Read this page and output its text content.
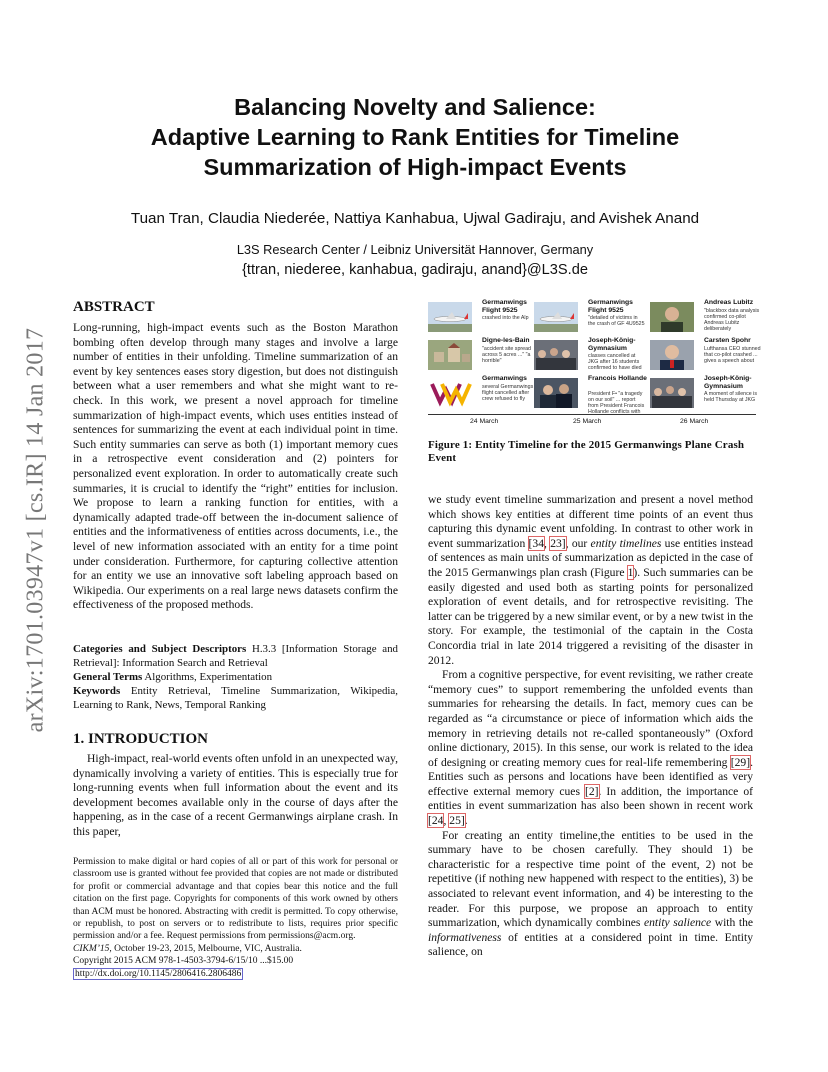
arXiv:1701.03947v1 [cs.IR] 14 Jan 2017
Balancing Novelty and Salience:
Adaptive Learning to Rank Entities for Timeline
Summarization of High-impact Events
Tuan Tran, Claudia Niederée, Nattiya Kanhabua, Ujwal Gadiraju, and Avishek Anand
L3S Research Center / Leibniz Universität Hannover, Germany
{ttran, niederee, kanhabua, gadiraju, anand}@L3S.de
ABSTRACT
Long-running, high-impact events such as the Boston Marathon bombing often develop through many stages and involve a large number of entities in their unfolding. Timeline summarization of an event by key sentences eases story digestion, but does not distinguish between what a user remembers and what she might want to re-check. In this work, we present a novel approach for timeline summarization of high-impact events, which uses entities instead of sentences for summarizing the event at each individual point in time. Such entity summaries can serve as both (1) important memory cues in a retrospective event consideration and (2) pointers for personalized event exploration. In order to automatically create such summaries, it is crucial to identify the “right” entities for inclusion. We propose to learn a ranking function for entities, with a dynamically adapted trade-off between the in-document salience of entities and the informativeness of entities across documents, i.e., the level of new information associated with an entity for a time point under consideration. Furthermore, for capturing collective attention for an entity we use an innovative soft labeling approach based on Wikipedia. Our experiments on a real large news datasets confirm the effectiveness of the proposed methods.

Categories and Subject Descriptors H.3.3 [Information Storage and Retrieval]: Information Search and Retrieval

General Terms Algorithms, Experimentation

Keywords Entity Retrieval, Timeline Summarization, Wikipedia, Learning to Rank, News, Temporal Ranking

1. INTRODUCTION
High-impact, real-world events often unfold in an unexpected way, dynamically involving a variety of entities. This is especially true for long-running events when full information about the event and its development becomes available only in the course of days after the happening, as in the case of a recent Germanwings airplane crash. In this paper,

Permission to make digital or hard copies of all or part of this work for personal or classroom use is granted without fee provided that copies are not made or distributed for profit or commercial advantage and that copies bear this notice and the full citation on the first page. Copyrights for components of this work owned by others than ACM must be honored. Abstracting with credit is permitted. To copy otherwise, or republish, to post on servers or to redistribute to lists, requires prior specific permission and/or a fee. Request permissions from permissions@acm.org.

CIKM’15, October 19-23, 2015, Melbourne, VIC, Australia.

Copyright 2015 ACM 978-1-4503-3794-6/15/10 ...$15.00

http://dx.doi.org/10.1145/2806416.2806486

Germanwings Flight 9525
crashed into the Alp
Digne-les-Bain
"accident site spread across 5 acres ..." "a horrible"
Germanwings
several Germanwings flight cancelled after crew refused to fly
Germanwings Flight 9525
"detailed of victims in the crash of GF 4U9525
Joseph-König-Gymnasium
classes cancelled at JKG after 16 students confirmed to have died
Francois Hollande
President F• "a tragedy on our soil" ... report from President Francois Hollande conflicts with
Andreas Lubitz
"blackbox data analysis confirmed co-pilot Andreas Lubitz deliberately
Carsten Spohr
Lufthansa CEO stunned that co-pilot crashed ... gives a speech about
Joseph-König-Gymnasium
A moment of silence is held Thursday at JKG
24 March	25 March	26 March
Figure 1: Entity Timeline for the 2015 Germanwings Plane Crash Event

we study event timeline summarization and present a novel method which shows key entities at different time points of an event thus capturing this dynamic event unfolding. In contrast to other work in event summarization [34, 23], our entity timelines use entities instead of sentences as main units of summarization as depicted in the case of the 2015 Germanwings plan crash (Figure 1). Such summaries can be easily digested and used both as starting points for personalized exploration of event details, and for retrospective revisiting. The latter can be triggered by a new similar event, or by a new twist in the story. For example, the testimonial of the captain in the Costa Concordia trial in late 2014 triggered a revisiting of the disaster in 2012.

From a cognitive perspective, for event revisiting, we rather create “memory cues” to support remembering the unfolded events than summaries for rehearsing the details. In fact, memory cues can be regarded as “a circumstance or piece of information which aids the memory in retrieving details not re-called spontaneously” (Oxford online dictionary, 2015). In this sense, our work is related to the idea of designing or creating memory cues for real-life remembering [29]. Entities such as persons and locations have been identified as very effective external memory cues [2]. In addition, the importance of entities in event summarization has also been shown in recent work [24, 25].

For creating an entity timeline,the entities to be used in the summary have to be chosen carefully. They should 1) be characteristic for a respective time point of the event, 2) not be repetitive (if nothing new happened with respect to the entities), 3) be associated to relevant event information, and 4) be interesting to the reader. For this purpose, we propose an approach to entity summarization, which dynamically combines entity salience with the informativeness of entities at a considered point in time. Entity salience, on
